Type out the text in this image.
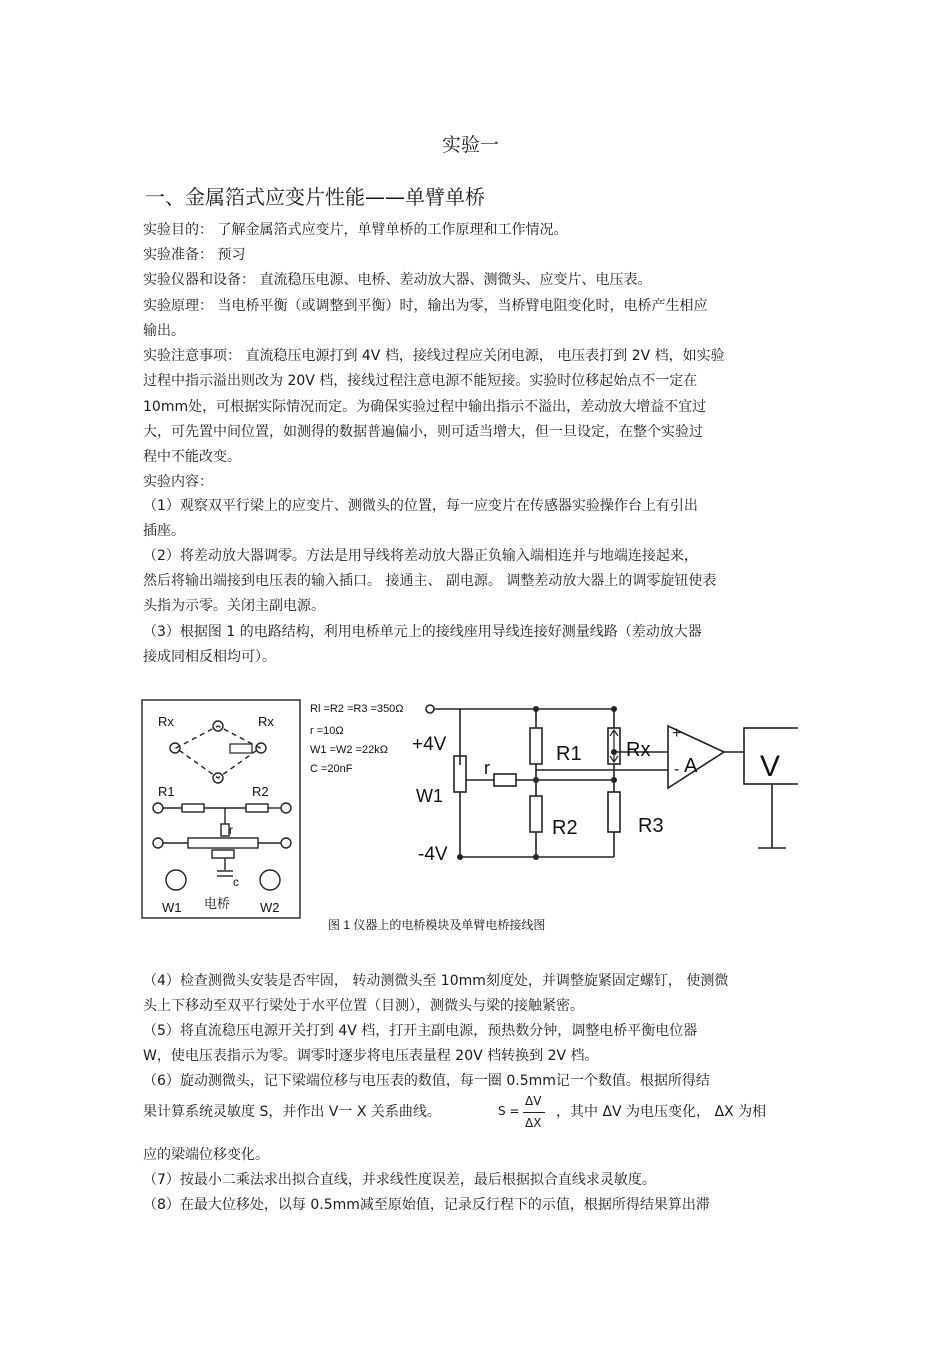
实验一
一、金属箔式应变片性能——单臂单桥
实验目的： 了解金属箔式应变片，单臂单桥的工作原理和工作情况。
实验准备： 预习
实验仪器和设备： 直流稳压电源、电桥、差动放大器、测微头、应变片、电压表。
实验原理： 当电桥平衡（或调整到平衡）时，输出为零，当桥臂电阻变化时，电桥产生相应
输出。
实验注意事项： 直流稳压电源打到 4V 档，接线过程应关闭电源， 电压表打到 2V 档，如实验
过程中指示溢出则改为 20V 档，接线过程注意电源不能短接。实验时位移起始点不一定在
10mm处，可根据实际情况而定。为确保实验过程中输出指示不溢出，差动放大增益不宜过
大，可先置中间位置，如测得的数据普遍偏小，则可适当增大，但一旦设定，在整个实验过
程中不能改变。
实验内容：
（1）观察双平行梁上的应变片、测微头的位置，每一应变片在传感器实验操作台上有引出
插座。
（2）将差动放大器调零。方法是用导线将差动放大器正负输入端相连并与地端连接起来，
然后将输出端接到电压表的输入插口。 接通主、 副电源。 调整差动放大器上的调零旋钮使表
头指为示零。关闭主副电源。
（3）根据图 1 的电路结构，利用电桥单元上的接线座用导线连接好测量线路（差动放大器
接成同相反相均可）。
Rx	Rx
R1	R2
r
c
W1 电桥 W2
Rl =R2 =R3 =350Ω
r =10Ω
W1 =W2 =22kΩ
C =20nF
+4V
W1
-4V
r
R1 Rx
R2	R3
+
- A V
图 1 仪器上的电桥模块及单臂电桥接线图
（4）检查测微头安装是否牢固， 转动测微头至 10mm刻度处，并调整旋紧固定螺钉， 使测微
头上下移动至双平行梁处于水平位置（目测），测微头与梁的接触紧密。
（5）将直流稳压电源开关打到 4V 档，打开主副电源，预热数分钟，调整电桥平衡电位器
W，使电压表指示为零。调零时逐步将电压表量程 20V 档转换到 2V 档。
（6）旋动测微头，记下梁端位移与电压表的数值，每一圈 0.5mm记一个数值。根据所得结
果计算系统灵敏度 S，并作出 V一 X 关系曲线。	S =
ΔV
ΔX
，其中 ΔV 为电压变化， ΔX 为相
应的梁端位移变化。
（7）按最小二乘法求出拟合直线，并求线性度误差，最后根据拟合直线求灵敏度。
（8）在最大位移处，以每 0.5mm减至原始值，记录反行程下的示值，根据所得结果算出滞
